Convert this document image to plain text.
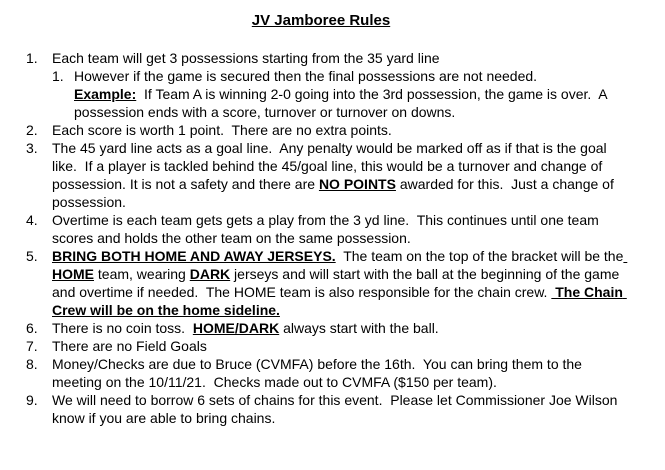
JV Jamboree Rules
1.	Each team will get 3 possessions starting from the 35 yard line
1. However if the game is secured then the final possessions are not needed.
Example:  If Team A is winning 2-0 going into the 3rd possession, the game is over.  A possession ends with a score, turnover or turnover on downs.
2.	Each score is worth 1 point.  There are no extra points.
3.	The 45 yard line acts as a goal line.  Any penalty would be marked off as if that is the goal like.  If a player is tackled behind the 45/goal line, this would be a turnover and change of possession. It is not a safety and there are NO POINTS awarded for this.  Just a change of possession.
4.	Overtime is each team gets gets a play from the 3 yd line.  This continues until one team scores and holds the other team on the same possession.
5.	BRING BOTH HOME AND AWAY JERSEYS.  The team on the top of the bracket will be the HOME team, wearing DARK jerseys and will start with the ball at the beginning of the game and overtime if needed.  The HOME team is also responsible for the chain crew.  The Chain Crew will be on the home sideline.
6.	There is no coin toss.  HOME/DARK always start with the ball.
7.	There are no Field Goals
8.	Money/Checks are due to Bruce (CVMFA) before the 16th.  You can bring them to the meeting on the 10/11/21.  Checks made out to CVMFA ($150 per team).
9.	We will need to borrow 6 sets of chains for this event.  Please let Commissioner Joe Wilson know if you are able to bring chains.
